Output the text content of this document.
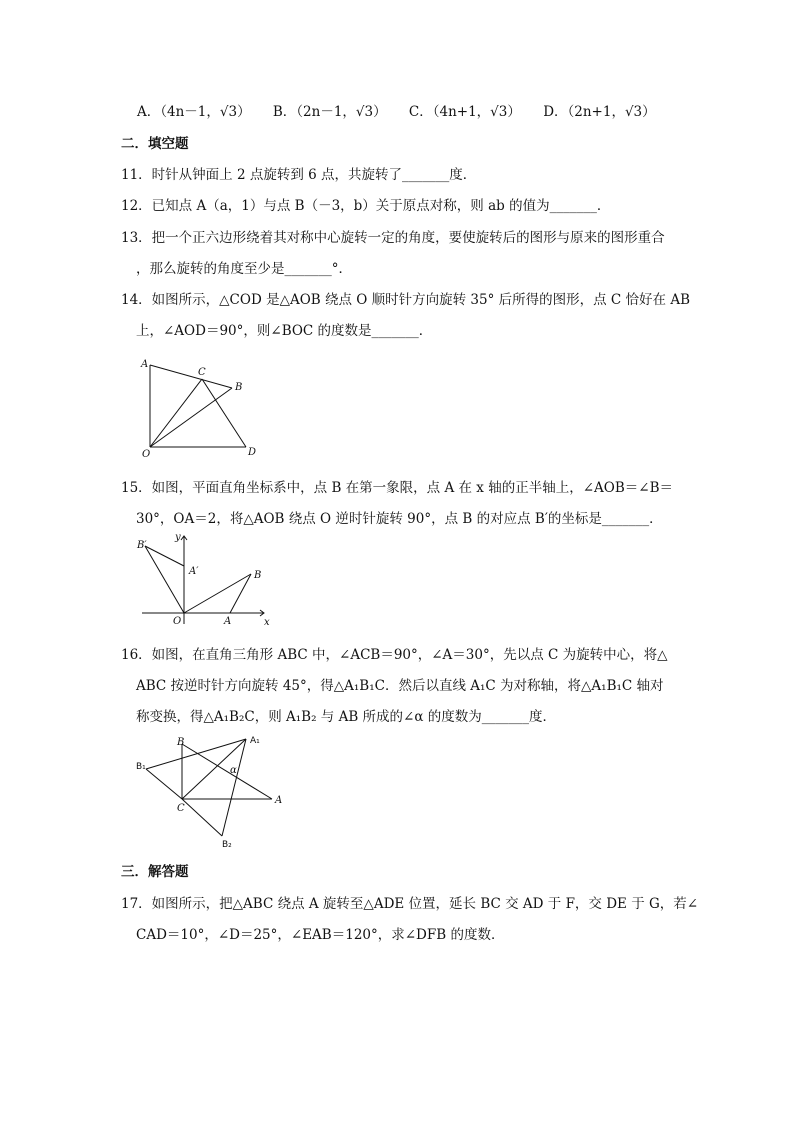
A．（4n－1，√3） B．（2n－1，√3） C．（4n+1，√3） D．（2n+1，√3）
二．填空题
11．时针从钟面上 2 点旋转到 6 点，共旋转了_______度．
12．已知点 A（a，1）与点 B（－3，b）关于原点对称，则 ab 的值为_______．
13．把一个正六边形绕着其对称中心旋转一定的角度，要使旋转后的图形与原来的图形重合
，那么旋转的角度至少是_______°．
14．如图所示，△COD 是△AOB 绕点 O 顺时针方向旋转 35° 后所得的图形，点 C 恰好在 AB
上，∠AOD＝90°，则∠BOC 的度数是_______．
A
C
B
O	D
15．如图，平面直角坐标系中，点 B 在第一象限，点 A 在 x 轴的正半轴上，∠AOB＝∠B＝
30°，OA＝2，将△AOB 绕点 O 逆时针旋转 90°，点 B 的对应点 B′的坐标是_______．
B′
y
A′	B
O	A	x
16．如图，在直角三角形 ABC 中，∠ACB＝90°，∠A＝30°，先以点 C 为旋转中心，将△
ABC 按逆时针方向旋转 45°，得△A₁B₁C．然后以直线 A₁C 为对称轴，将△A₁B₁C 轴对
称变换，得△A₁B₂C，则 A₁B₂ 与 AB 所成的∠α 的度数为_______度．
B	A₁
B₁	α
A
C
B₂
三．解答题
17．如图所示，把△ABC 绕点 A 旋转至△ADE 位置，延长 BC 交 AD 于 F，交 DE 于 G，若∠
CAD＝10°，∠D＝25°，∠EAB＝120°，求∠DFB 的度数．
